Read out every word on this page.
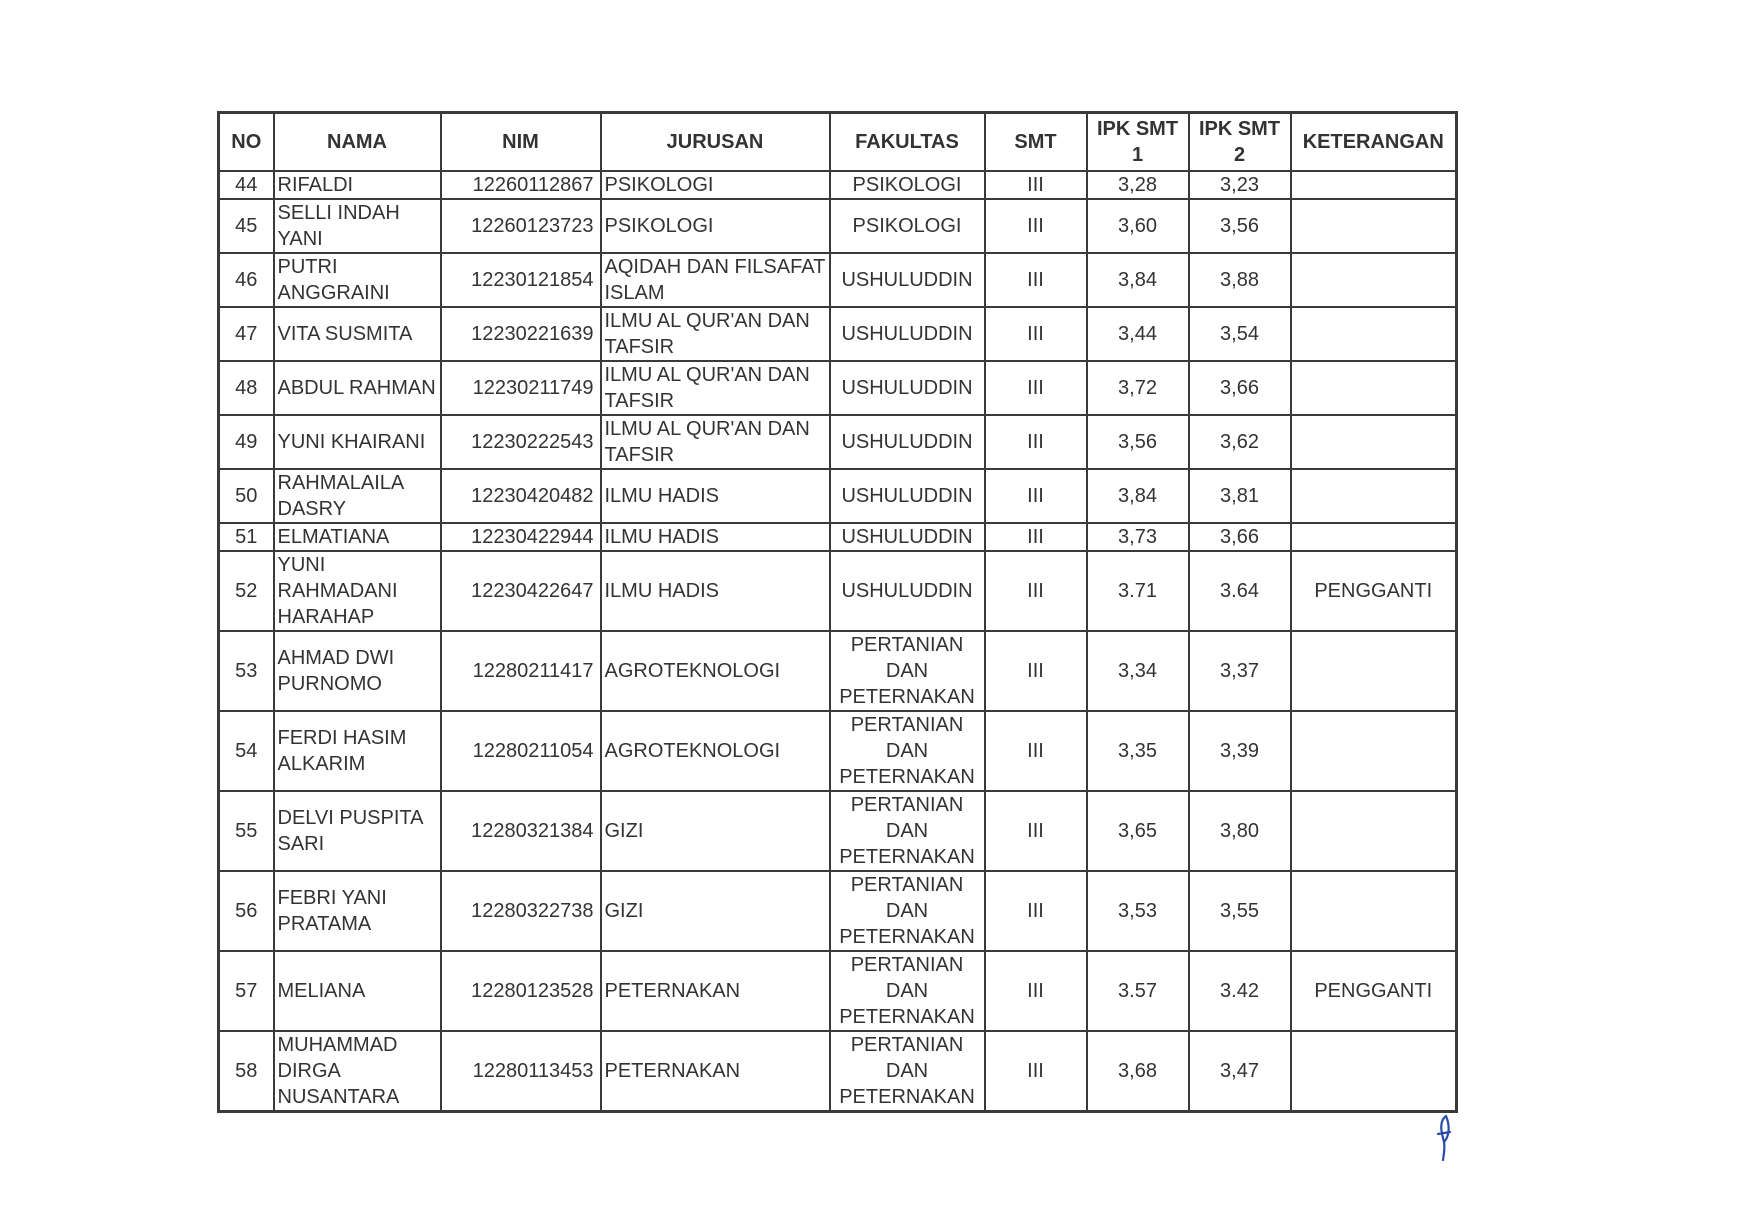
NO	NAMA	NIM	JURUSAN	FAKULTAS	SMT	IPK SMT 1	IPK SMT 2	KETERANGAN
44	RIFALDI	12260112867	PSIKOLOGI	PSIKOLOGI	III	3,28	3,23	
45	SELLI INDAH YANI	12260123723	PSIKOLOGI	PSIKOLOGI	III	3,60	3,56	
46	PUTRI ANGGRAINI	12230121854	AQIDAH DAN FILSAFAT ISLAM	USHULUDDIN	III	3,84	3,88	
47	VITA SUSMITA	12230221639	ILMU AL QUR'AN DAN TAFSIR	USHULUDDIN	III	3,44	3,54	
48	ABDUL RAHMAN	12230211749	ILMU AL QUR'AN DAN TAFSIR	USHULUDDIN	III	3,72	3,66	
49	YUNI KHAIRANI	12230222543	ILMU AL QUR'AN DAN TAFSIR	USHULUDDIN	III	3,56	3,62	
50	RAHMALAILA DASRY	12230420482	ILMU HADIS	USHULUDDIN	III	3,84	3,81	
51	ELMATIANA	12230422944	ILMU HADIS	USHULUDDIN	III	3,73	3,66	
52	YUNI RAHMADANI HARAHAP	12230422647	ILMU HADIS	USHULUDDIN	III	3.71	3.64	PENGGANTI
53	AHMAD DWI PURNOMO	12280211417	AGROTEKNOLOGI	PERTANIAN DAN PETERNAKAN	III	3,34	3,37	
54	FERDI HASIM ALKARIM	12280211054	AGROTEKNOLOGI	PERTANIAN DAN PETERNAKAN	III	3,35	3,39	
55	DELVI PUSPITA SARI	12280321384	GIZI	PERTANIAN DAN PETERNAKAN	III	3,65	3,80	
56	FEBRI YANI PRATAMA	12280322738	GIZI	PERTANIAN DAN PETERNAKAN	III	3,53	3,55	
57	MELIANA	12280123528	PETERNAKAN	PERTANIAN DAN PETERNAKAN	III	3.57	3.42	PENGGANTI
58	MUHAMMAD DIRGA NUSANTARA	12280113453	PETERNAKAN	PERTANIAN DAN PETERNAKAN	III	3,68	3,47	
